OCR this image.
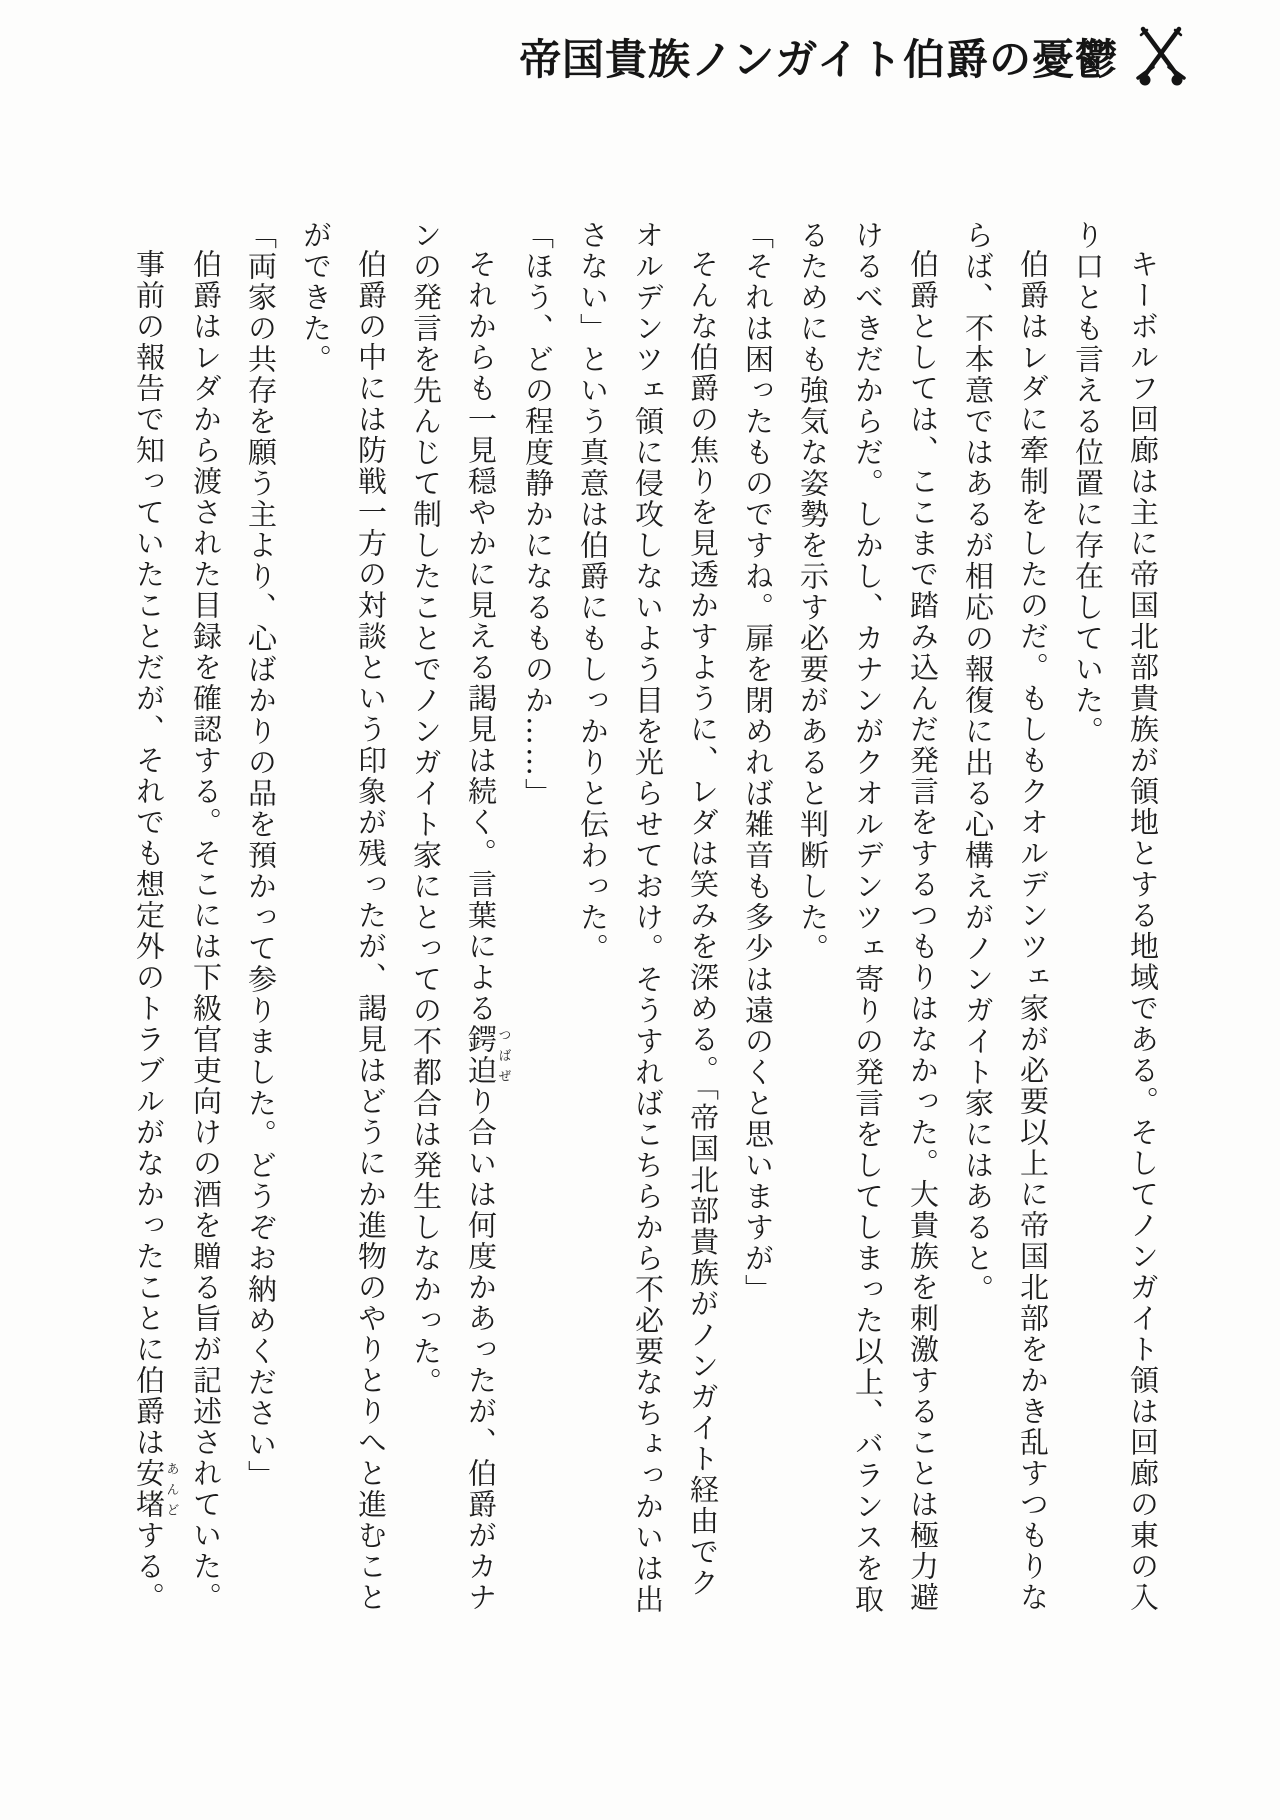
帝国貴族ノンガイト伯爵の憂鬱

キーボルフ回廊は主に帝国北部貴族が領地とする地域である。そしてノンガイト領は回廊の東の入り口とも言える位置に存在していた。

伯爵はレダに牽制をしたのだ。もしもクオルデンツェ家が必要以上に帝国北部をかき乱すつもりならば、不本意ではあるが相応の報復に出る心構えがノンガイト家にはあると。

伯爵としては、ここまで踏み込んだ発言をするつもりはなかった。大貴族を刺激することは極力避けるべきだからだ。しかし、カナンがクオルデンツェ寄りの発言をしてしまった以上、バランスを取るためにも強気な姿勢を示す必要があると判断した。

「それは困ったものですね。扉を閉めれば雑音も多少は遠のくと思いますが」

そんな伯爵の焦りを見透かすように、レダは笑みを深める。「帝国北部貴族がノンガイト経由でクオルデンツェ領に侵攻しないよう目を光らせておけ。そうすればこちらから不必要なちょっかいは出さない」という真意は伯爵にもしっかりと伝わった。

「ほう、どの程度静かになるものか……」

それからも一見穏やかに見える謁見は続く。言葉による鍔迫つばぜり合いは何度かあったが、伯爵がカナンの発言を先んじて制したことでノンガイト家にとっての不都合は発生しなかった。

伯爵の中には防戦一方の対談という印象が残ったが、謁見はどうにか進物のやりとりへと進むことができた。

「両家の共存を願う主より、心ばかりの品を預かって参りました。どうぞお納めください」

伯爵はレダから渡された目録を確認する。そこには下級官吏向けの酒を贈る旨が記述されていた。

事前の報告で知っていたことだが、それでも想定外のトラブルがなかったことに伯爵は安堵あんどする。
